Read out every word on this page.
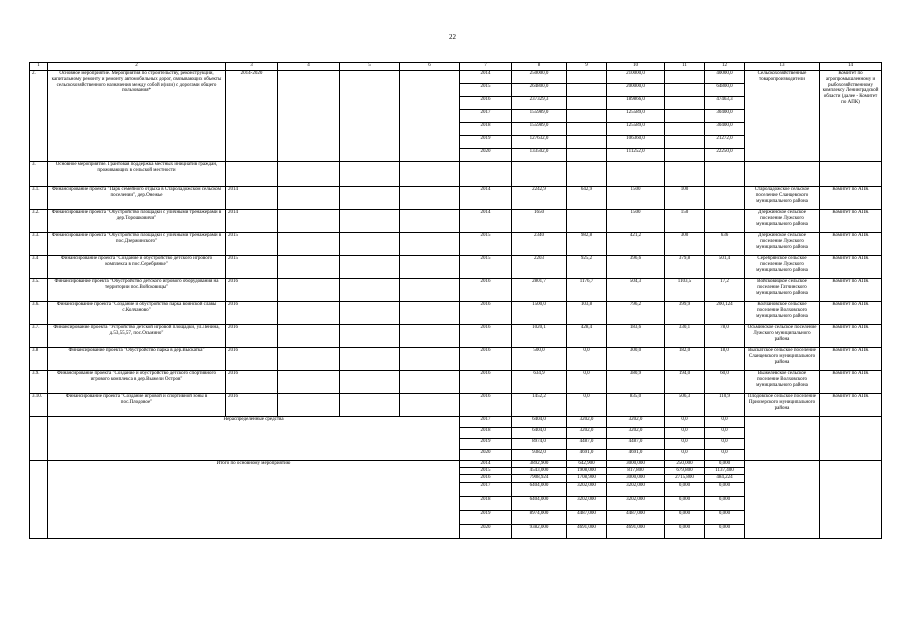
22
1	2	3	4	5	6	7	8	9	10	11	12	13	14
2.	Основное мероприятие. Мероприятия по строительству, реконструкции, капитальному ремонту и ремонту автомобильных дорог, связывающих объекты сельскохозяйственного назначения между собой и(или) с дорогами общего пользования*	2014-2020				2014	250000,0		210000,0		40000,0	Сельскохозяйственные товаропроизводители	Комитет по агропромышленному и рыбохозяйственному комплексу Ленинградской области (далее - Комитет по АПК)
						2015	264800,0		200000,0		64800,0		
						2016	237329,3		189866,0		47463,3		
						2017	155989,0		125589,0		30400,0		
						2018	155989,0		125589,0		30400,0		
						2019	127632,0		106360,0		21272,0		
						2020	133502,0		111252,0		22250,0		
3.	Основное мероприятие. Грантовая поддержка местных инициатив граждан, проживающих в сельской местности												
3.1.	Финансирование проекта "Парк семейного отдыха в Староладожском сельском поселении", дер.Онежье	2014				2014	2242,9	642,9	1500	100		Староладожское сельское поселение Сланцевского муниципального района	Комитет по АПК
3.2.	Финансирование проекта "Обустройство площадки с уличными тренажерами в дер.Торошковичи"	2014				2014	1650		1500	150		Дзержинское сельское поселение Лужского муниципального района	Комитет по АПК
3.3.	Финансирование проекта "Обустройство площадки с уличными тренажерами в пос.Дзержинского"	2015				2015	2340	982,8	421,2	300	636	Дзержинское сельское поселение Лужского муниципального района	Комитет по АПК
3.4	Финансирование проекта "Создание и обустройство детского игрового комплекса в пос.Серебрянке"	2015				2015	2203	925,2	396,6	379,8	501,4	Серебрянское сельское поселение Лужского муниципального района	Комитет по АПК
3.5.	Финансирование проекта "Обустройство детского игрового оборудования на территории пос.Войсковицы"	2016				2016	2801,7	1176,7	504,3	1103,5	17,2	Войсковицкое сельское поселение Гатчинского муниципального района	Комитет по АПК
3.6.	Финансирование проекта "Создание и обустройство парка воинской славы с.Колчаново"	2016				2016	1500,0	103,8	796,2	399,9	200,124	Колчановское сельское поселение Волховского муниципального района	Комитет по АПК
3.7.	Финансирование проекта "Устройство детской игровой площадки, ул.Ленина, д.53,55,57, пос.Осьмино"	2016				2016	1020,1	428,4	183,6	330,1	78,0	Осьминское сельское поселение Лужского муниципального района	Комитет по АПК
3.8	Финансирование проекта "Обустройство парка в дер.Выскатка"	2016				2016	500,0	0,0	300,0	182,0	18,0	Выскатское сельское поселение Сланцевского муниципального района	Комитет по АПК
3.9.	Финансирование проекта "Создание и обустройство детского спортивного игрового комплекса в дер.Выжели Остров"	2016				2016	634,9	0,0	380,9	194,0	60,0	Выжелевское сельское поселение Волховского муниципального района	Комитет по АПК
3.10.	Финансирование проекта "Создание игровой и спортивной зоны в пос.Плодовое"	2016				2016	1452,2	0,0	835,0	506,3	110,9	Плодовское сельское поселение Приозерского муниципального района	Комитет по АПК
	Нераспределенные средства					2017	6404,0	3202,0	3202,0	0,0	0,0		
						2018	6404,0	3202,0	3202,0	0,0	0,0		
						2019	8974,0	4487,0	4487,0	0,0	0,0		
						2020	9382,0	4691,0	4691,0	0,0	0,0		
	Итого по основному мероприятию					2014	3892,900	642,900	3000,000	250,000	0,000		
						2015	4543,000	1908,000	817,800	679,800	1137,400		
						2016	7908,924	1708,900	3000,000	2715,800	484,224		
						2017	6404,000	3202,000	3202,000	0,000	0,000		
						2018	6404,000	3202,000	3202,000	0,000	0,000		
						2019	8974,000	4487,000	4487,000	0,000	0,000		
						2020	9382,000	4691,000	4691,000	0,000	0,000		
